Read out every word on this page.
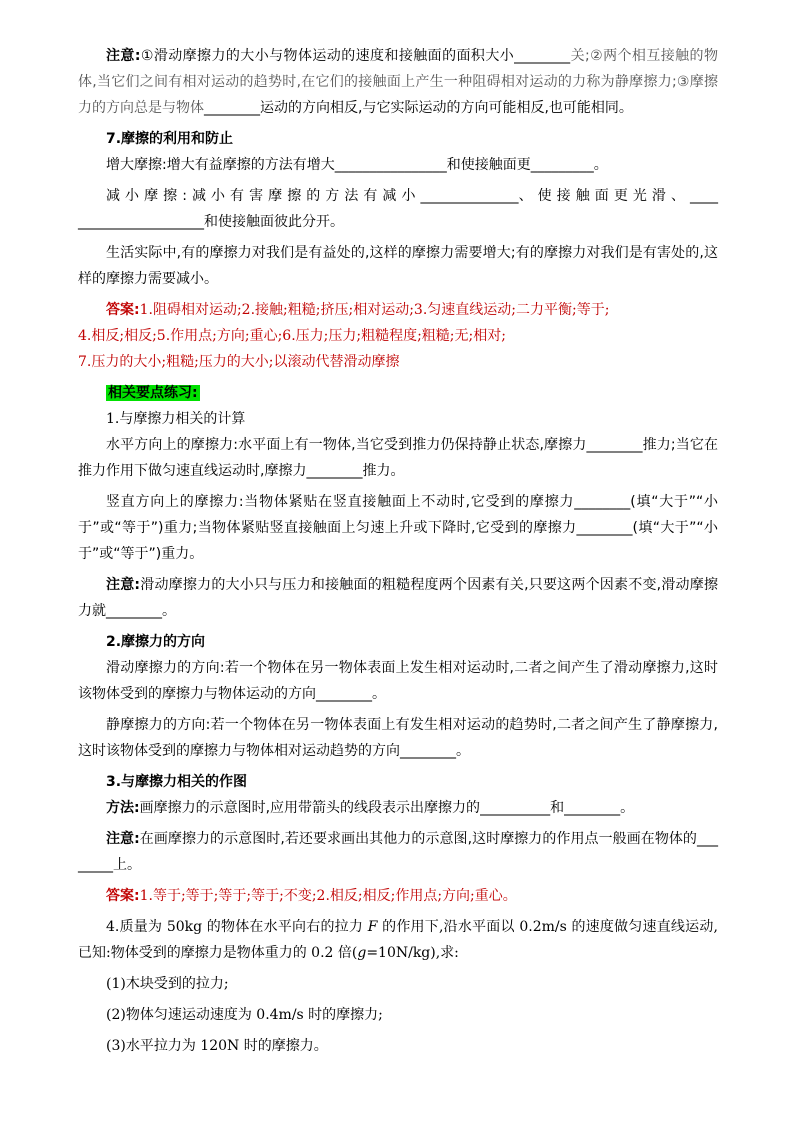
注意:①滑动摩擦力的大小与物体运动的速度和接触面的面积大小________关;②两个相互接触的物体,当它们之间有相对运动的趋势时,在它们的接触面上产生一种阻碍相对运动的力称为静摩擦力;③摩擦力的方向总是与物体________运动的方向相反,与它实际运动的方向可能相反,也可能相同。

7.摩擦的利用和防止

增大摩擦:增大有益摩擦的方法有增大________________和使接触面更_________。

减小摩擦:减小有害摩擦的方法有减小______________、使接触面更光滑、______________________和使接触面彼此分开。

生活实际中,有的摩擦力对我们是有益处的,这样的摩擦力需要增大;有的摩擦力对我们是有害处的,这样的摩擦力需要减小。

答案:1.阻碍相对运动;2.接触;粗糙;挤压;相对运动;3.匀速直线运动;二力平衡;等于;
4.相反;相反;5.作用点;方向;重心;6.压力;压力;粗糙程度;粗糙;无;相对;
7.压力的大小;粗糙;压力的大小;以滚动代替滑动摩擦

相关要点练习:

1.与摩擦力相关的计算

水平方向上的摩擦力:水平面上有一物体,当它受到推力仍保持静止状态,摩擦力________推力;当它在推力作用下做匀速直线运动时,摩擦力________推力。

竖直方向上的摩擦力:当物体紧贴在竖直接触面上不动时,它受到的摩擦力________(填“大于”“小于”或“等于”)重力;当物体紧贴竖直接触面上匀速上升或下降时,它受到的摩擦力________(填“大于”“小于”或“等于”)重力。

注意:滑动摩擦力的大小只与压力和接触面的粗糙程度两个因素有关,只要这两个因素不变,滑动摩擦力就________。

2.摩擦力的方向

滑动摩擦力的方向:若一个物体在另一物体表面上发生相对运动时,二者之间产生了滑动摩擦力,这时该物体受到的摩擦力与物体运动的方向________。

静摩擦力的方向:若一个物体在另一物体表面上有发生相对运动的趋势时,二者之间产生了静摩擦力,这时该物体受到的摩擦力与物体相对运动趋势的方向________。

3.与摩擦力相关的作图

方法:画摩擦力的示意图时,应用带箭头的线段表示出摩擦力的__________和________。

注意:在画摩擦力的示意图时,若还要求画出其他力的示意图,这时摩擦力的作用点一般画在物体的________上。

答案:1.等于;等于;等于;等于;不变;2.相反;相反;作用点;方向;重心。

4.质量为 50kg 的物体在水平向右的拉力 F 的作用下,沿水平面以 0.2m/s 的速度做匀速直线运动,已知:物体受到的摩擦力是物体重力的 0.2 倍(g=10N/kg),求:

(1)木块受到的拉力;

(2)物体匀速运动速度为 0.4m/s 时的摩擦力;

(3)水平拉力为 120N 时的摩擦力。
